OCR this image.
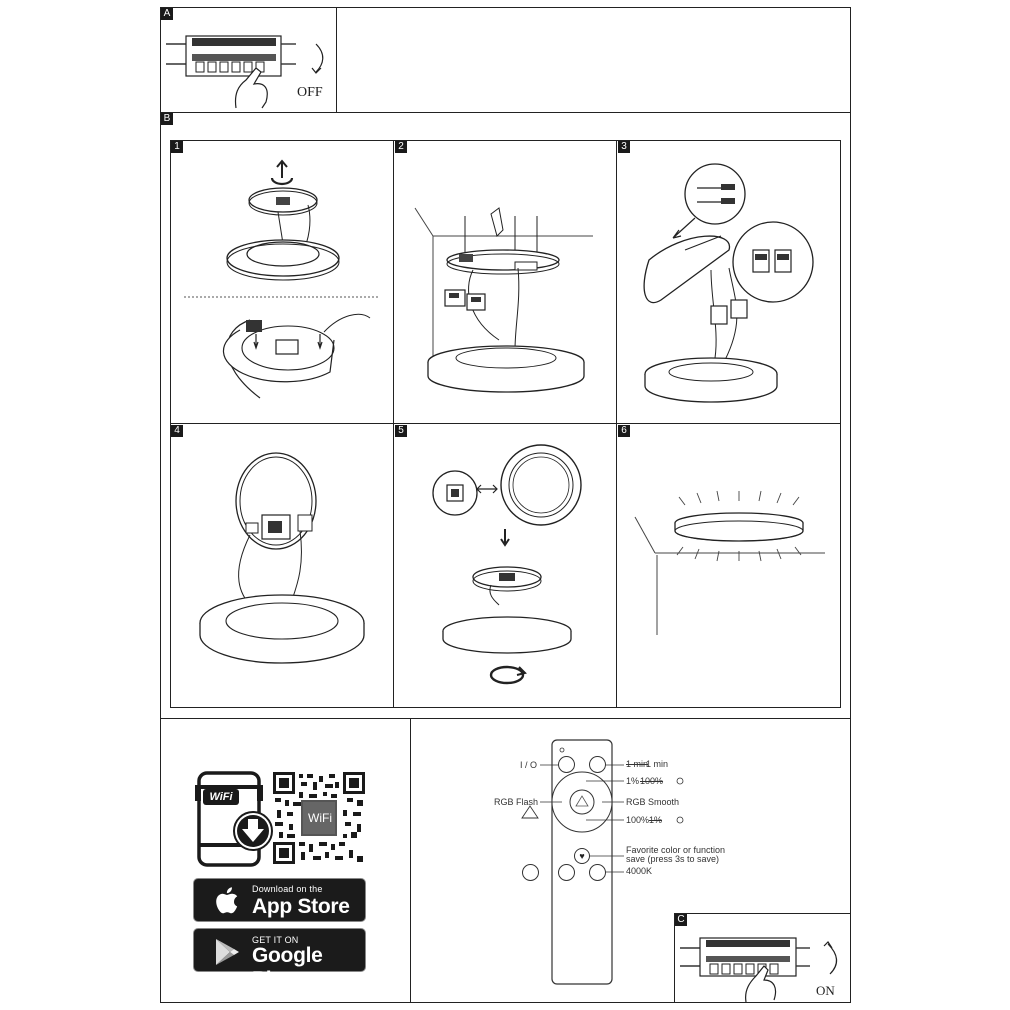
A
OFF
B
1	2	3
4	5	6
WiFi
WiFi
Download on the
App Store
GET IT ON
Google Play
♥
I / O	1 min
1 min
1% 100%
RGB Flash	RGB Smooth
100% 1%
Favorite color or function
save (press 3s to save)
4000K
C
ON
